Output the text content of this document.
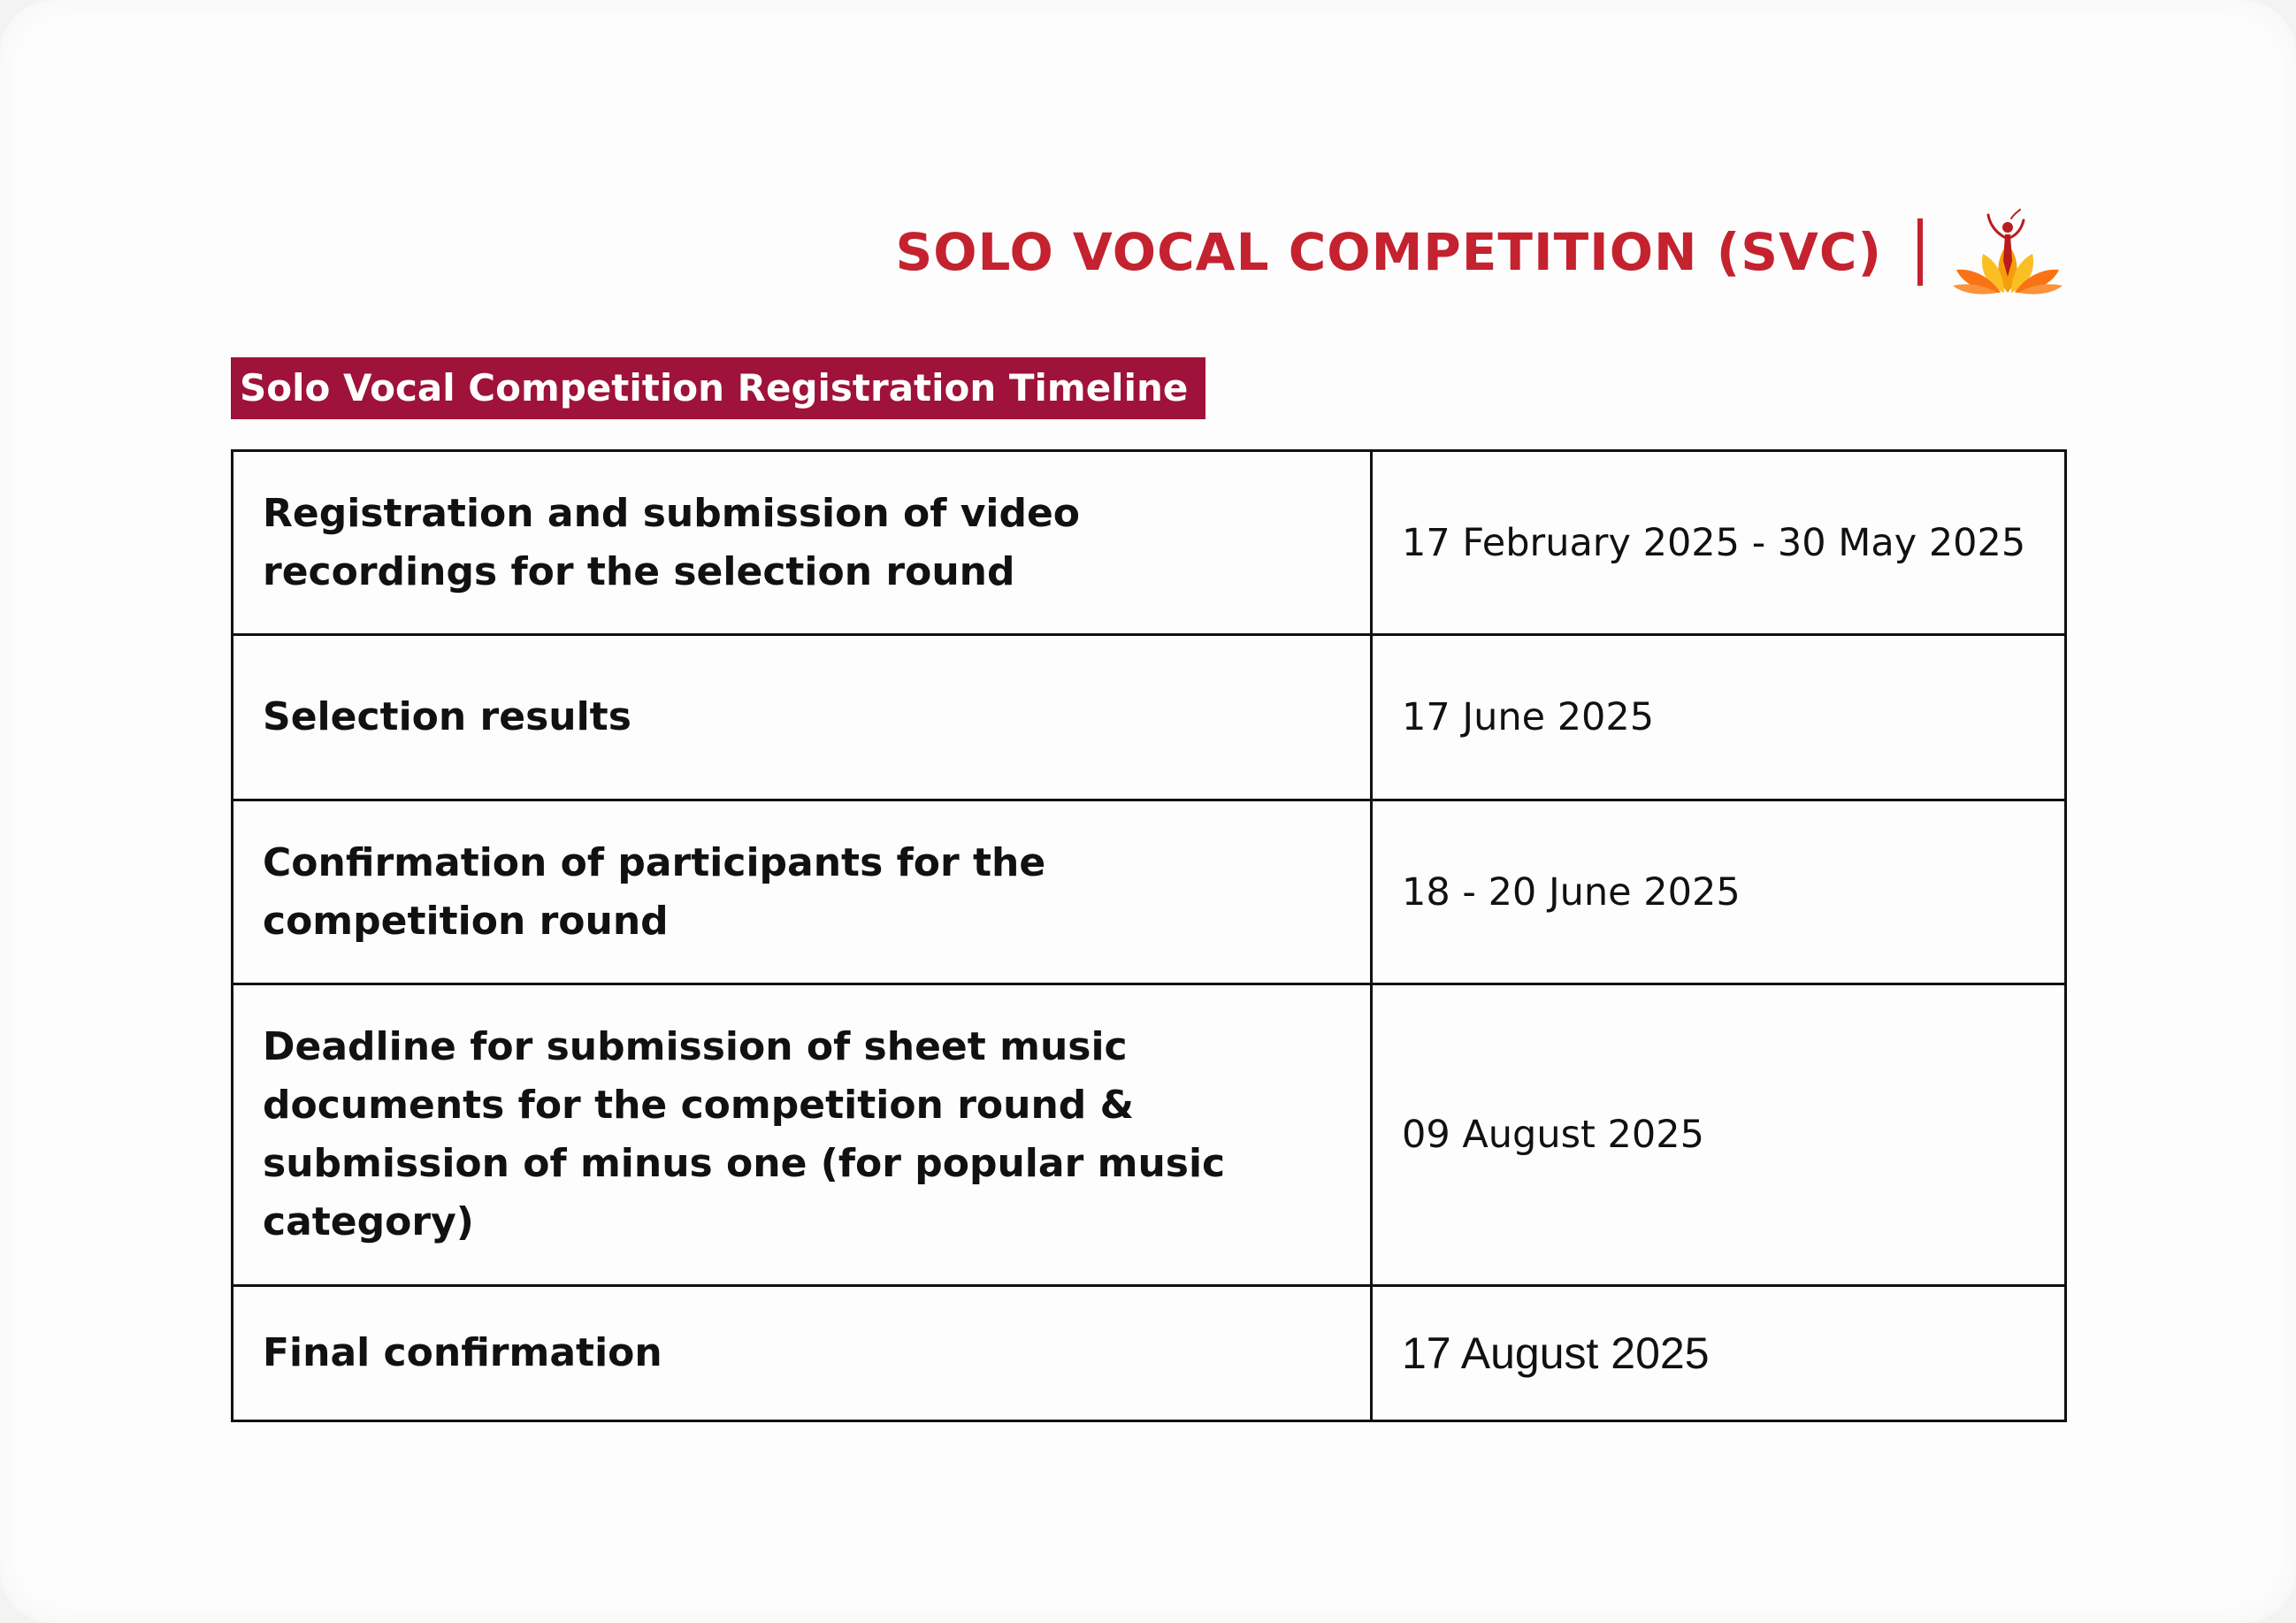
SOLO VOCAL COMPETITION (SVC)
Solo Vocal Competition Registration Timeline
Registration and submission of video recordings for the selection round	17 February 2025 - 30 May 2025
Selection results	17 June 2025
Confirmation of participants for the competition round	18 - 20 June 2025
Deadline for submission of sheet music documents for the competition round & submission of minus one (for popular music category)	09 August 2025
Final confirmation	17 August 2025
